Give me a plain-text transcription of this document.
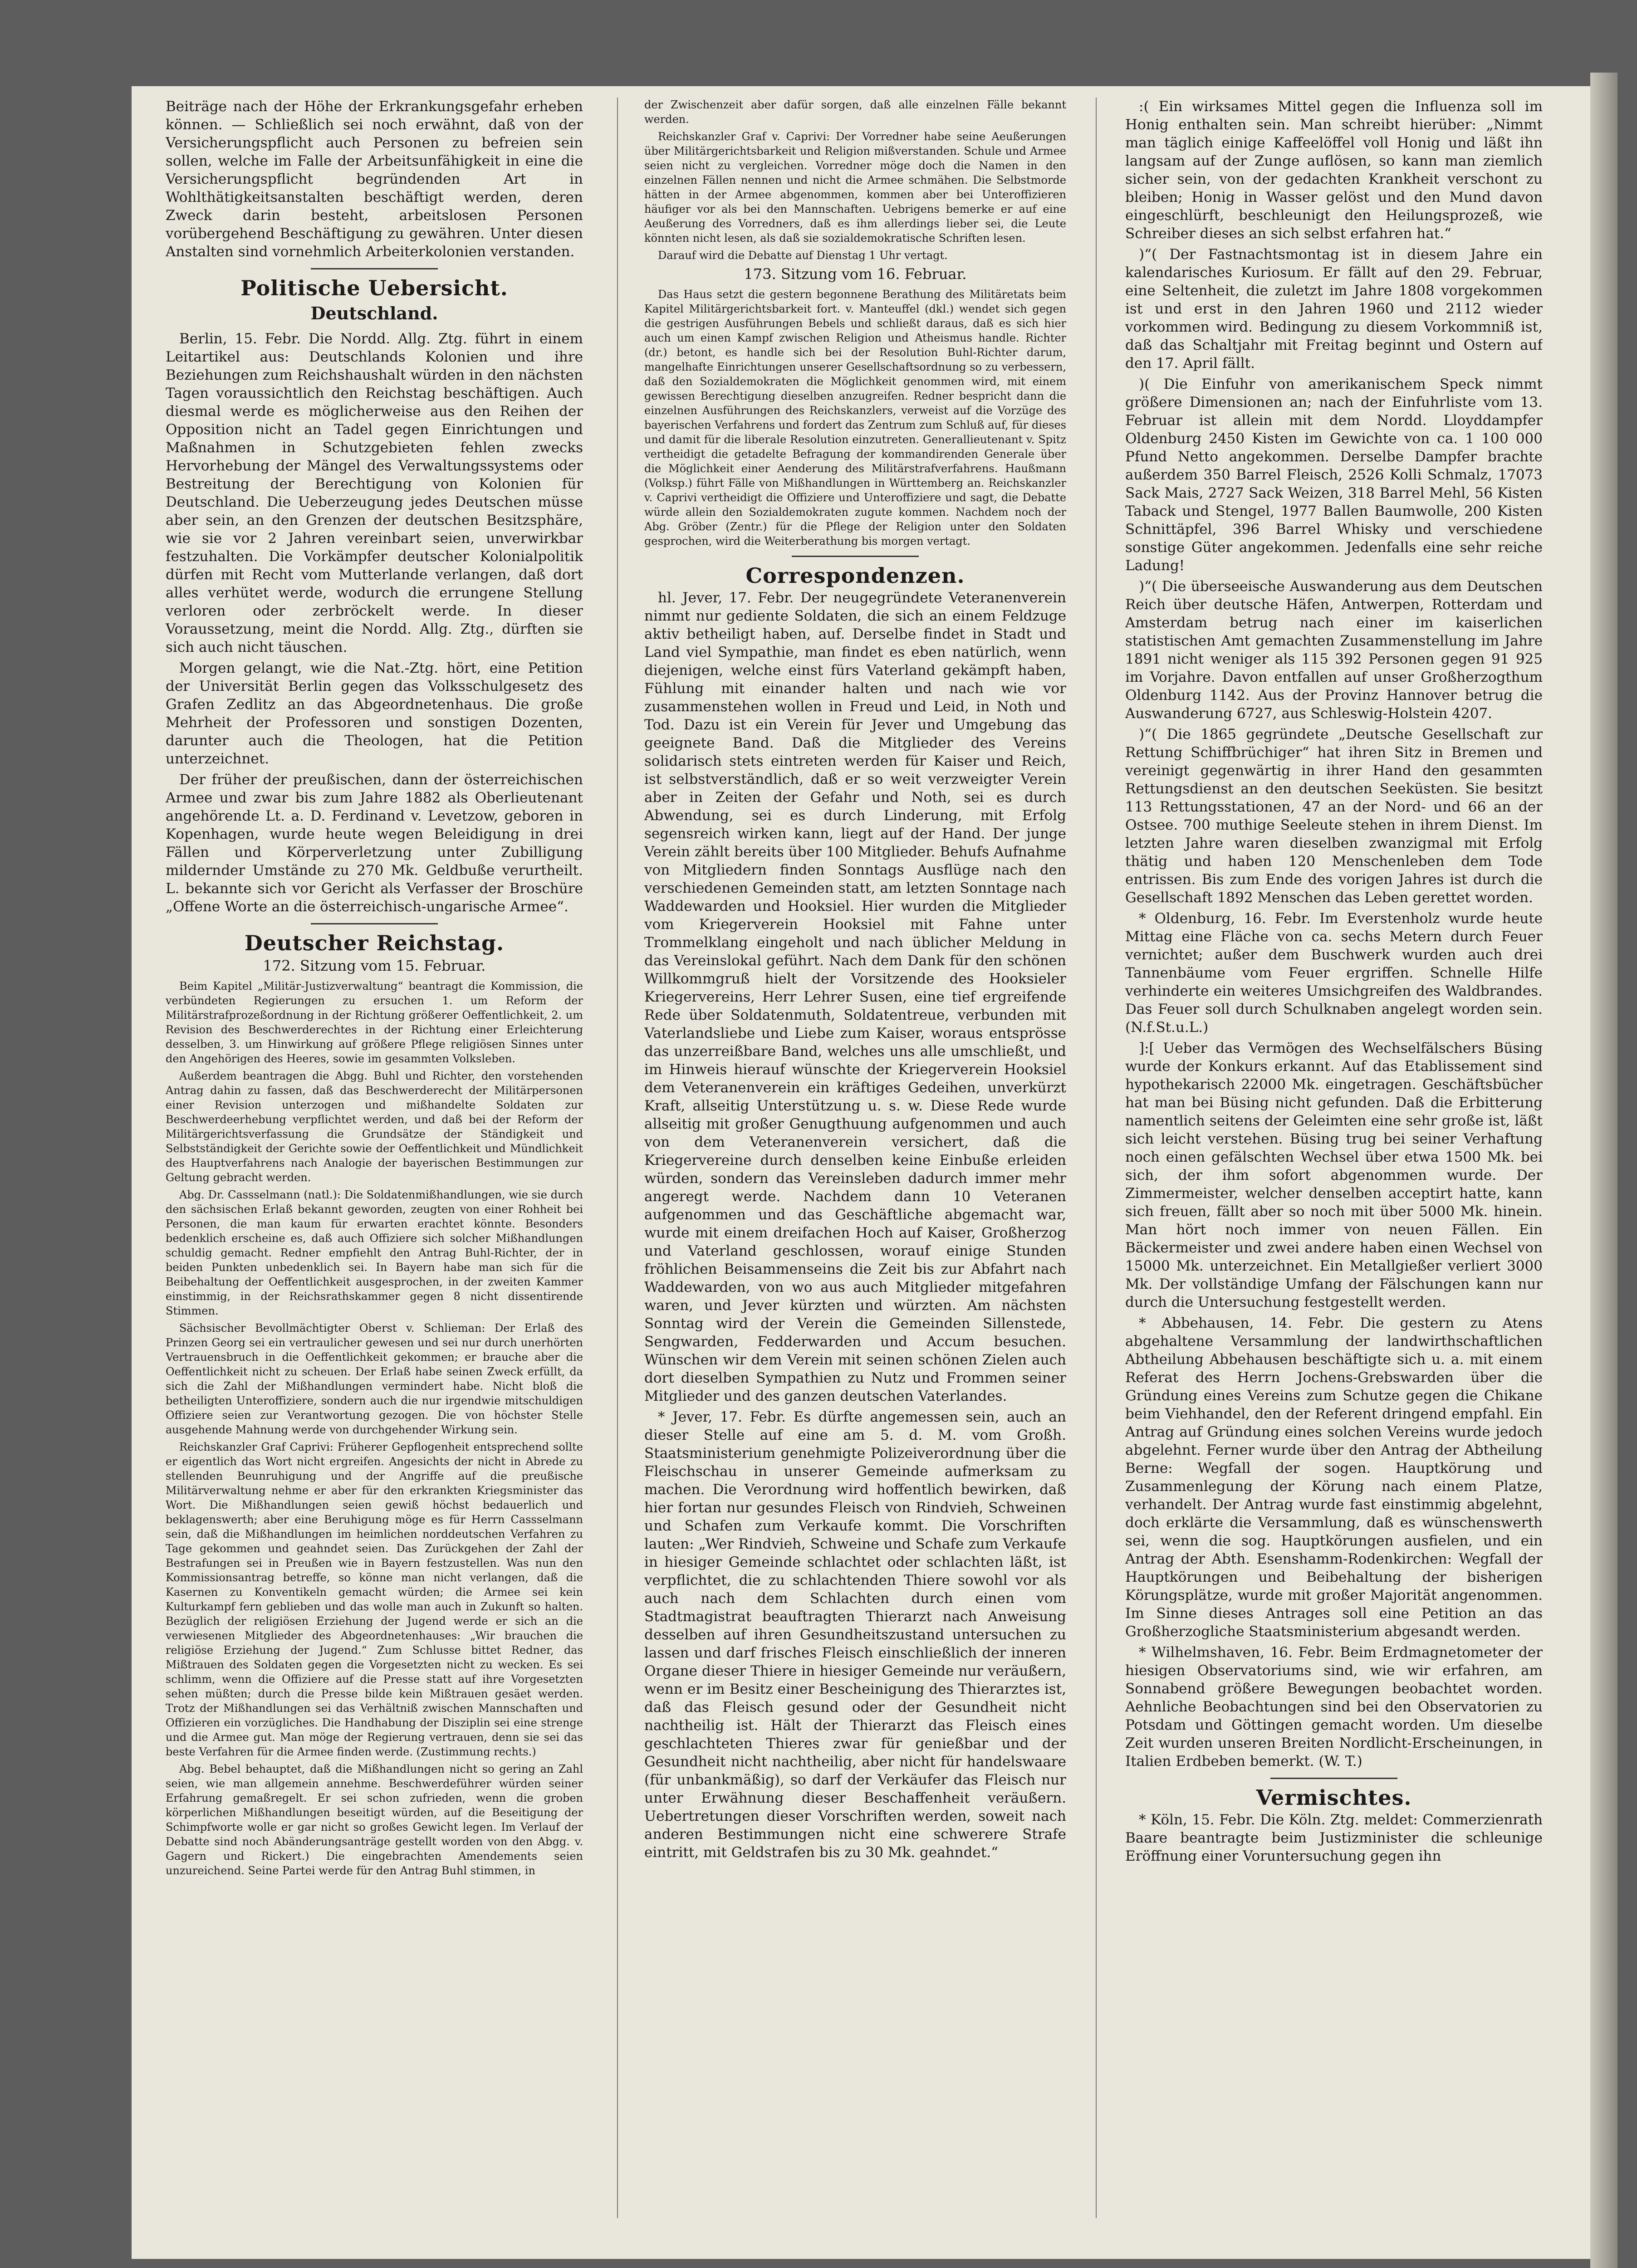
Beiträge nach der Höhe der Erkrankungsgefahr erheben können. — Schließlich sei noch erwähnt, daß von der Versicherungspflicht auch Personen zu befreien sein sollen, welche im Falle der Arbeitsunfähigkeit in eine die Versicherungspflicht begründenden Art in Wohlthätigkeitsanstalten beschäftigt werden, deren Zweck darin besteht, arbeitslosen Personen vorübergehend Beschäftigung zu gewähren. Unter diesen Anstalten sind vornehmlich Arbeiterkolonien verstanden.

Politische Uebersicht.
Deutschland.

Berlin, 15. Febr. Die Nordd. Allg. Ztg. führt in einem Leitartikel aus: Deutschlands Kolonien und ihre Beziehungen zum Reichshaushalt würden in den nächsten Tagen voraussichtlich den Reichstag beschäftigen. Auch diesmal werde es möglicherweise aus den Reihen der Opposition nicht an Tadel gegen Einrichtungen und Maßnahmen in Schutzgebieten fehlen zwecks Hervorhebung der Mängel des Verwaltungssystems oder Bestreitung der Berechtigung von Kolonien für Deutschland. Die Ueberzeugung jedes Deutschen müsse aber sein, an den Grenzen der deutschen Besitzsphäre, wie sie vor 2 Jahren vereinbart seien, unverwirkbar festzuhalten. Die Vorkämpfer deutscher Kolonialpolitik dürfen mit Recht vom Mutterlande verlangen, daß dort alles verhütet werde, wodurch die errungene Stellung verloren oder zerbröckelt werde. In dieser Voraussetzung, meint die Nordd. Allg. Ztg., dürften sie sich auch nicht täuschen.

Morgen gelangt, wie die Nat.-Ztg. hört, eine Petition der Universität Berlin gegen das Volksschulgesetz des Grafen Zedlitz an das Abgeordnetenhaus. Die große Mehrheit der Professoren und sonstigen Dozenten, darunter auch die Theologen, hat die Petition unterzeichnet.

Der früher der preußischen, dann der österreichischen Armee und zwar bis zum Jahre 1882 als Oberlieutenant angehörende Lt. a. D. Ferdinand v. Levetzow, geboren in Kopenhagen, wurde heute wegen Beleidigung in drei Fällen und Körperverletzung unter Zubilligung mildernder Umstände zu 270 Mk. Geldbuße verurtheilt. L. bekannte sich vor Gericht als Verfasser der Broschüre „Offene Worte an die österreichisch-ungarische Armee“.

Deutscher Reichstag.
172. Sitzung vom 15. Februar.

Beim Kapitel „Militär-Justizverwaltung“ beantragt die Kommission, die verbündeten Regierungen zu ersuchen 1. um Reform der Militärstrafprozeßordnung in der Richtung größerer Oeffentlichkeit, 2. um Revision des Beschwerderechtes in der Richtung einer Erleichterung desselben, 3. um Hinwirkung auf größere Pflege religiösen Sinnes unter den Angehörigen des Heeres, sowie im gesammten Volksleben.

Außerdem beantragen die Abgg. Buhl und Richter, den vorstehenden Antrag dahin zu fassen, daß das Beschwerderecht der Militärpersonen einer Revision unterzogen und mißhandelte Soldaten zur Beschwerdeerhebung verpflichtet werden, und daß bei der Reform der Militärgerichtsverfassung die Grundsätze der Ständigkeit und Selbstständigkeit der Gerichte sowie der Oeffentlichkeit und Mündlichkeit des Hauptverfahrens nach Analogie der bayerischen Bestimmungen zur Geltung gebracht werden.

Abg. Dr. Cassselmann (natl.): Die Soldatenmißhandlungen, wie sie durch den sächsischen Erlaß bekannt geworden, zeugten von einer Rohheit bei Personen, die man kaum für erwarten erachtet könnte. Besonders bedenklich erscheine es, daß auch Offiziere sich solcher Mißhandlungen schuldig gemacht. Redner empfiehlt den Antrag Buhl-Richter, der in beiden Punkten unbedenklich sei. In Bayern habe man sich für die Beibehaltung der Oeffentlichkeit ausgesprochen, in der zweiten Kammer einstimmig, in der Reichsrathskammer gegen 8 nicht dissentirende Stimmen.

Sächsischer Bevollmächtigter Oberst v. Schlieman: Der Erlaß des Prinzen Georg sei ein vertraulicher gewesen und sei nur durch unerhörten Vertrauensbruch in die Oeffentlichkeit gekommen; er brauche aber die Oeffentlichkeit nicht zu scheuen. Der Erlaß habe seinen Zweck erfüllt, da sich die Zahl der Mißhandlungen vermindert habe. Nicht bloß die betheiligten Unteroffiziere, sondern auch die nur irgendwie mitschuldigen Offiziere seien zur Verantwortung gezogen. Die von höchster Stelle ausgehende Mahnung werde von durchgehender Wirkung sein.

Reichskanzler Graf Caprivi: Früherer Gepflogenheit entsprechend sollte er eigentlich das Wort nicht ergreifen. Angesichts der nicht in Abrede zu stellenden Beunruhigung und der Angriffe auf die preußische Militärverwaltung nehme er aber für den erkrankten Kriegsminister das Wort. Die Mißhandlungen seien gewiß höchst bedauerlich und beklagenswerth; aber eine Beruhigung möge es für Herrn Cassselmann sein, daß die Mißhandlungen im heimlichen norddeutschen Verfahren zu Tage gekommen und geahndet seien. Das Zurückgehen der Zahl der Bestrafungen sei in Preußen wie in Bayern festzustellen. Was nun den Kommissionsantrag betreffe, so könne man nicht verlangen, daß die Kasernen zu Konventikeln gemacht würden; die Armee sei kein Kulturkampf fern geblieben und das wolle man auch in Zukunft so halten. Bezüglich der religiösen Erziehung der Jugend werde er sich an die verwiesenen Mitglieder des Abgeordnetenhauses: „Wir brauchen die religiöse Erziehung der Jugend.“ Zum Schlusse bittet Redner, das Mißtrauen des Soldaten gegen die Vorgesetzten nicht zu wecken. Es sei schlimm, wenn die Offiziere auf die Presse statt auf ihre Vorgesetzten sehen müßten; durch die Presse bilde kein Mißtrauen gesäet werden. Trotz der Mißhandlungen sei das Verhältniß zwischen Mannschaften und Offizieren ein vorzügliches. Die Handhabung der Disziplin sei eine strenge und die Armee gut. Man möge der Regierung vertrauen, denn sie sei das beste Verfahren für die Armee finden werde. (Zustimmung rechts.)

Abg. Bebel behauptet, daß die Mißhandlungen nicht so gering an Zahl seien, wie man allgemein annehme. Beschwerdeführer würden seiner Erfahrung gemaßregelt. Er sei schon zufrieden, wenn die groben körperlichen Mißhandlungen beseitigt würden, auf die Beseitigung der Schimpfworte wolle er gar nicht so großes Gewicht legen. Im Verlauf der Debatte sind noch Abänderungsanträge gestellt worden von den Abgg. v. Gagern und Rickert.) Die eingebrachten Amendements seien unzureichend. Seine Partei werde für den Antrag Buhl stimmen, in

der Zwischenzeit aber dafür sorgen, daß alle einzelnen Fälle bekannt werden.

Reichskanzler Graf v. Caprivi: Der Vorredner habe seine Aeußerungen über Militärgerichtsbarkeit und Religion mißverstanden. Schule und Armee seien nicht zu vergleichen. Vorredner möge doch die Namen in den einzelnen Fällen nennen und nicht die Armee schmähen. Die Selbstmorde hätten in der Armee abgenommen, kommen aber bei Unteroffizieren häufiger vor als bei den Mannschaften. Uebrigens bemerke er auf eine Aeußerung des Vorredners, daß es ihm allerdings lieber sei, die Leute könnten nicht lesen, als daß sie sozialdemokratische Schriften lesen.

Darauf wird die Debatte auf Dienstag 1 Uhr vertagt.

173. Sitzung vom 16. Februar.

Das Haus setzt die gestern begonnene Berathung des Militäretats beim Kapitel Militärgerichtsbarkeit fort. v. Manteuffel (dkl.) wendet sich gegen die gestrigen Ausführungen Bebels und schließt daraus, daß es sich hier auch um einen Kampf zwischen Religion und Atheismus handle. Richter (dr.) betont, es handle sich bei der Resolution Buhl-Richter darum, mangelhafte Einrichtungen unserer Gesellschaftsordnung so zu verbessern, daß den Sozialdemokraten die Möglichkeit genommen wird, mit einem gewissen Berechtigung dieselben anzugreifen. Redner bespricht dann die einzelnen Ausführungen des Reichskanzlers, verweist auf die Vorzüge des bayerischen Verfahrens und fordert das Zentrum zum Schluß auf, für dieses und damit für die liberale Resolution einzutreten. Generallieutenant v. Spitz vertheidigt die getadelte Befragung der kommandirenden Generale über die Möglichkeit einer Aenderung des Militärstrafverfahrens. Haußmann (Volksp.) führt Fälle von Mißhandlungen in Württemberg an. Reichskanzler v. Caprivi vertheidigt die Offiziere und Unteroffiziere und sagt, die Debatte würde allein den Sozialdemokraten zugute kommen. Nachdem noch der Abg. Gröber (Zentr.) für die Pflege der Religion unter den Soldaten gesprochen, wird die Weiterberathung bis morgen vertagt.

Correspondenzen.

hl. Jever, 17. Febr. Der neugegründete Veteranenverein nimmt nur gediente Soldaten, die sich an einem Feldzuge aktiv betheiligt haben, auf. Derselbe findet in Stadt und Land viel Sympathie, man findet es eben natürlich, wenn diejenigen, welche einst fürs Vaterland gekämpft haben, Fühlung mit einander halten und nach wie vor zusammenstehen wollen in Freud und Leid, in Noth und Tod. Dazu ist ein Verein für Jever und Umgebung das geeignete Band. Daß die Mitglieder des Vereins solidarisch stets eintreten werden für Kaiser und Reich, ist selbstverständlich, daß er so weit verzweigter Verein aber in Zeiten der Gefahr und Noth, sei es durch Abwendung, sei es durch Linderung, mit Erfolg segensreich wirken kann, liegt auf der Hand. Der junge Verein zählt bereits über 100 Mitglieder. Behufs Aufnahme von Mitgliedern finden Sonntags Ausflüge nach den verschiedenen Gemeinden statt, am letzten Sonntage nach Waddewarden und Hooksiel. Hier wurden die Mitglieder vom Kriegerverein Hooksiel mit Fahne unter Trommelklang eingeholt und nach üblicher Meldung in das Vereinslokal geführt. Nach dem Dank für den schönen Willkommgruß hielt der Vorsitzende des Hooksieler Kriegervereins, Herr Lehrer Susen, eine tief ergreifende Rede über Soldatenmuth, Soldatentreue, verbunden mit Vaterlandsliebe und Liebe zum Kaiser, woraus entsprösse das unzerreißbare Band, welches uns alle umschließt, und im Hinweis hierauf wünschte der Kriegerverein Hooksiel dem Veteranenverein ein kräftiges Gedeihen, unverkürzt Kraft, allseitig Unterstützung u. s. w. Diese Rede wurde allseitig mit großer Genugthuung aufgenommen und auch von dem Veteranenverein versichert, daß die Kriegervereine durch denselben keine Einbuße erleiden würden, sondern das Vereinsleben dadurch immer mehr angeregt werde. Nachdem dann 10 Veteranen aufgenommen und das Geschäftliche abgemacht war, wurde mit einem dreifachen Hoch auf Kaiser, Großherzog und Vaterland geschlossen, worauf einige Stunden fröhlichen Beisammenseins die Zeit bis zur Abfahrt nach Waddewarden, von wo aus auch Mitglieder mitgefahren waren, und Jever kürzten und würzten. Am nächsten Sonntag wird der Verein die Gemeinden Sillenstede, Sengwarden, Fedderwarden und Accum besuchen. Wünschen wir dem Verein mit seinen schönen Zielen auch dort dieselben Sympathien zu Nutz und Frommen seiner Mitglieder und des ganzen deutschen Vaterlandes.

* Jever, 17. Febr. Es dürfte angemessen sein, auch an dieser Stelle auf eine am 5. d. M. vom Großh. Staatsministerium genehmigte Polizeiverordnung über die Fleischschau in unserer Gemeinde aufmerksam zu machen. Die Verordnung wird hoffentlich bewirken, daß hier fortan nur gesundes Fleisch von Rindvieh, Schweinen und Schafen zum Verkaufe kommt. Die Vorschriften lauten: „Wer Rindvieh, Schweine und Schafe zum Verkaufe in hiesiger Gemeinde schlachtet oder schlachten läßt, ist verpflichtet, die zu schlachtenden Thiere sowohl vor als auch nach dem Schlachten durch einen vom Stadtmagistrat beauftragten Thierarzt nach Anweisung desselben auf ihren Gesundheitszustand untersuchen zu lassen und darf frisches Fleisch einschließlich der inneren Organe dieser Thiere in hiesiger Gemeinde nur veräußern, wenn er im Besitz einer Bescheinigung des Thierarztes ist, daß das Fleisch gesund oder der Gesundheit nicht nachtheilig ist. Hält der Thierarzt das Fleisch eines geschlachteten Thieres zwar für genießbar und der Gesundheit nicht nachtheilig, aber nicht für handelswaare (für unbankmäßig), so darf der Verkäufer das Fleisch nur unter Erwähnung dieser Beschaffenheit veräußern. Uebertretungen dieser Vorschriften werden, soweit nach anderen Bestimmungen nicht eine schwerere Strafe eintritt, mit Geldstrafen bis zu 30 Mk. geahndet.“

:( Ein wirksames Mittel gegen die Influenza soll im Honig enthalten sein. Man schreibt hierüber: „Nimmt man täglich einige Kaffeelöffel voll Honig und läßt ihn langsam auf der Zunge auflösen, so kann man ziemlich sicher sein, von der gedachten Krankheit verschont zu bleiben; Honig in Wasser gelöst und den Mund davon eingeschlürft, beschleunigt den Heilungsprozeß, wie Schreiber dieses an sich selbst erfahren hat.“

)“( Der Fastnachtsmontag ist in diesem Jahre ein kalendarisches Kuriosum. Er fällt auf den 29. Februar, eine Seltenheit, die zuletzt im Jahre 1808 vorgekommen ist und erst in den Jahren 1960 und 2112 wieder vorkommen wird. Bedingung zu diesem Vorkommniß ist, daß das Schaltjahr mit Freitag beginnt und Ostern auf den 17. April fällt.

)( Die Einfuhr von amerikanischem Speck nimmt größere Dimensionen an; nach der Einfuhrliste vom 13. Februar ist allein mit dem Nordd. Lloyddampfer Oldenburg 2450 Kisten im Gewichte von ca. 1 100 000 Pfund Netto angekommen. Derselbe Dampfer brachte außerdem 350 Barrel Fleisch, 2526 Kolli Schmalz, 17073 Sack Mais, 2727 Sack Weizen, 318 Barrel Mehl, 56 Kisten Taback und Stengel, 1977 Ballen Baumwolle, 200 Kisten Schnittäpfel, 396 Barrel Whisky und verschiedene sonstige Güter angekommen. Jedenfalls eine sehr reiche Ladung!

)“( Die überseeische Auswanderung aus dem Deutschen Reich über deutsche Häfen, Antwerpen, Rotterdam und Amsterdam betrug nach einer im kaiserlichen statistischen Amt gemachten Zusammenstellung im Jahre 1891 nicht weniger als 115 392 Personen gegen 91 925 im Vorjahre. Davon entfallen auf unser Großherzogthum Oldenburg 1142. Aus der Provinz Hannover betrug die Auswanderung 6727, aus Schleswig-Holstein 4207.

)“( Die 1865 gegründete „Deutsche Gesellschaft zur Rettung Schiffbrüchiger“ hat ihren Sitz in Bremen und vereinigt gegenwärtig in ihrer Hand den gesammten Rettungsdienst an den deutschen Seeküsten. Sie besitzt 113 Rettungsstationen, 47 an der Nord- und 66 an der Ostsee. 700 muthige Seeleute stehen in ihrem Dienst. Im letzten Jahre waren dieselben zwanzigmal mit Erfolg thätig und haben 120 Menschenleben dem Tode entrissen. Bis zum Ende des vorigen Jahres ist durch die Gesellschaft 1892 Menschen das Leben gerettet worden.

* Oldenburg, 16. Febr. Im Everstenholz wurde heute Mittag eine Fläche von ca. sechs Metern durch Feuer vernichtet; außer dem Buschwerk wurden auch drei Tannenbäume vom Feuer ergriffen. Schnelle Hilfe verhinderte ein weiteres Umsichgreifen des Waldbrandes. Das Feuer soll durch Schulknaben angelegt worden sein. (N.f.St.u.L.)

]:[ Ueber das Vermögen des Wechselfälschers Büsing wurde der Konkurs erkannt. Auf das Etablissement sind hypothekarisch 22000 Mk. eingetragen. Geschäftsbücher hat man bei Büsing nicht gefunden. Daß die Erbitterung namentlich seitens der Geleimten eine sehr große ist, läßt sich leicht verstehen. Büsing trug bei seiner Verhaftung noch einen gefälschten Wechsel über etwa 1500 Mk. bei sich, der ihm sofort abgenommen wurde. Der Zimmermeister, welcher denselben acceptirt hatte, kann sich freuen, fällt aber so noch mit über 5000 Mk. hinein. Man hört noch immer von neuen Fällen. Ein Bäckermeister und zwei andere haben einen Wechsel von 15000 Mk. unterzeichnet. Ein Metallgießer verliert 3000 Mk. Der vollständige Umfang der Fälschungen kann nur durch die Untersuchung festgestellt werden.

* Abbehausen, 14. Febr. Die gestern zu Atens abgehaltene Versammlung der landwirthschaftlichen Abtheilung Abbehausen beschäftigte sich u. a. mit einem Referat des Herrn Jochens-Grebswarden über die Gründung eines Vereins zum Schutze gegen die Chikane beim Viehhandel, den der Referent dringend empfahl. Ein Antrag auf Gründung eines solchen Vereins wurde jedoch abgelehnt. Ferner wurde über den Antrag der Abtheilung Berne: Wegfall der sogen. Hauptkörung und Zusammenlegung der Körung nach einem Platze, verhandelt. Der Antrag wurde fast einstimmig abgelehnt, doch erklärte die Versammlung, daß es wünschenswerth sei, wenn die sog. Hauptkörungen ausfielen, und ein Antrag der Abth. Esenshamm-Rodenkirchen: Wegfall der Hauptkörungen und Beibehaltung der bisherigen Körungsplätze, wurde mit großer Majorität angenommen. Im Sinne dieses Antrages soll eine Petition an das Großherzogliche Staatsministerium abgesandt werden.

* Wilhelmshaven, 16. Febr. Beim Erdmagnetometer der hiesigen Observatoriums sind, wie wir erfahren, am Sonnabend größere Bewegungen beobachtet worden. Aehnliche Beobachtungen sind bei den Observatorien zu Potsdam und Göttingen gemacht worden. Um dieselbe Zeit wurden unseren Breiten Nordlicht-Erscheinungen, in Italien Erdbeben bemerkt. (W. T.)

Vermischtes.

* Köln, 15. Febr. Die Köln. Ztg. meldet: Commerzienrath Baare beantragte beim Justizminister die schleunige Eröffnung einer Voruntersuchung gegen ihn
